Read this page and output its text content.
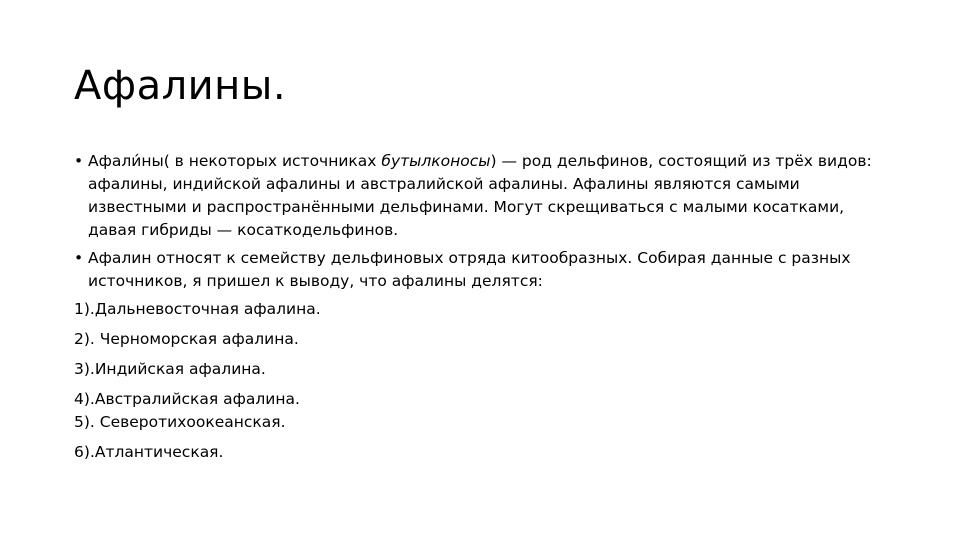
Афалины.
• Афали́ны( в некоторых источниках бутылконосы) — род дельфинов, состоящий из трёх видов: афалины, индийской афалины и австралийской афалины. Афалины являются самыми известными и распространёнными дельфинами. Могут скрещиваться с малыми косатками, давая гибриды — косаткодельфинов.
• Афалин относят к семейству дельфиновых отряда китообразных. Собирая данные с разных источников, я пришел к выводу, что афалины делятся:

1).Дальневосточная афалина.

2). Черноморская афалина.

3).Индийская афалина.

4).Австралийская афалина.

5). Северотихоокеанская.

6).Атлантическая.
